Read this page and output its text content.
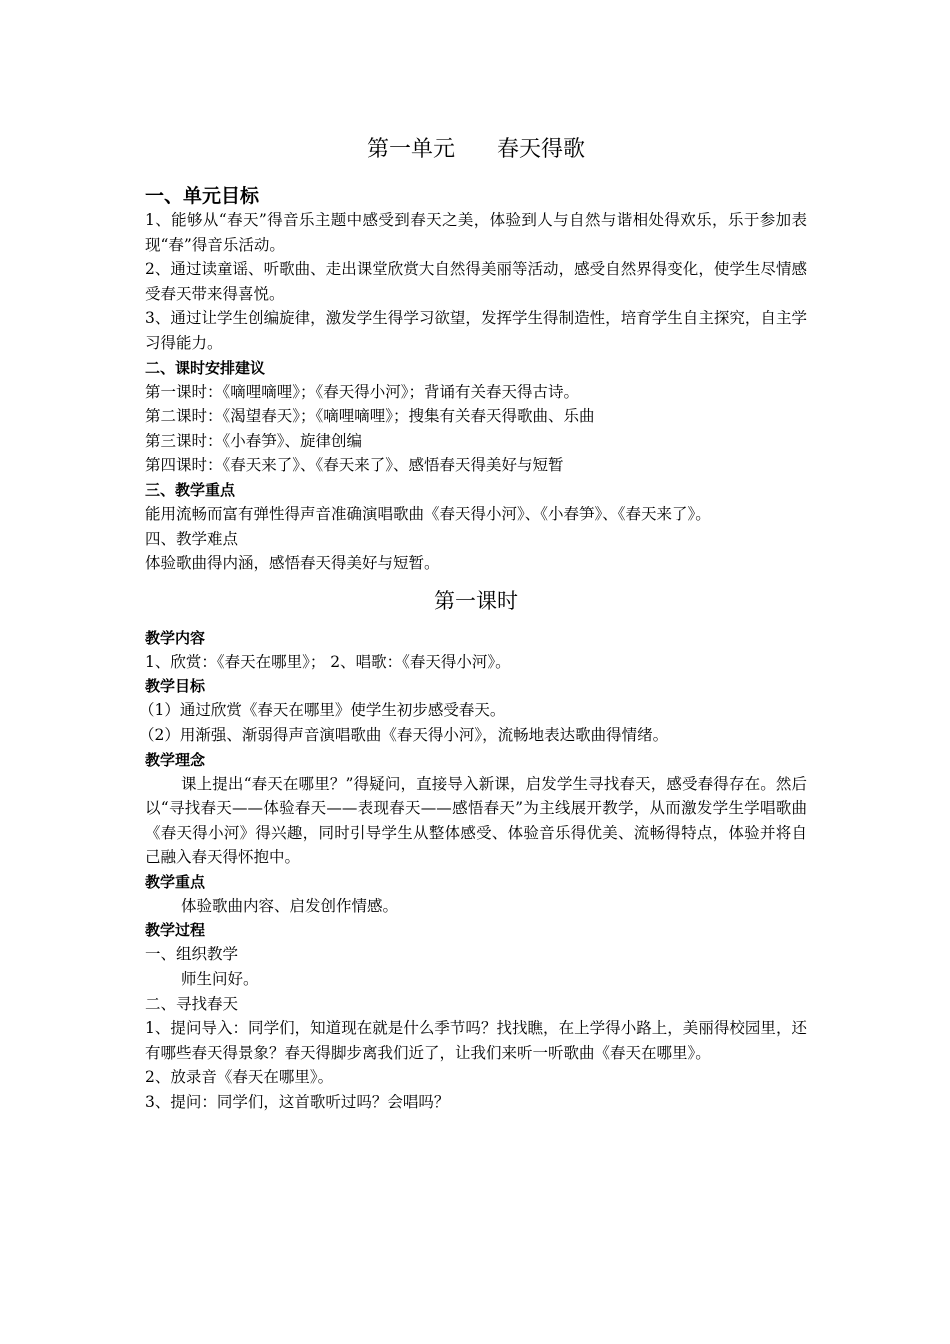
第一单元      春天得歌
一、单元目标

1、能够从“春天”得音乐主题中感受到春天之美，体验到人与自然与谐相处得欢乐，乐于参加表现“春”得音乐活动。

2、通过读童谣、听歌曲、走出课堂欣赏大自然得美丽等活动，感受自然界得变化，使学生尽情感受春天带来得喜悦。

3、通过让学生创编旋律，激发学生得学习欲望，发挥学生得制造性，培育学生自主探究，自主学习得能力。

二、课时安排建议

第一课时：《嘀哩嘀哩》；《春天得小河》；背诵有关春天得古诗。

第二课时：《渴望春天》；《嘀哩嘀哩》；搜集有关春天得歌曲、乐曲

第三课时：《小春笋》、旋律创编

第四课时：《春天来了》、《春天来了》、感悟春天得美好与短暂

三、教学重点

能用流畅而富有弹性得声音准确演唱歌曲《春天得小河》、《小春笋》、《春天来了》。

四、教学难点

体验歌曲得内涵，感悟春天得美好与短暂。

第一课时
教学内容

1、欣赏：《春天在哪里》； 2、唱歌：《春天得小河》。

教学目标

（1）通过欣赏《春天在哪里》使学生初步感受春天。

（2）用渐强、渐弱得声音演唱歌曲《春天得小河》，流畅地表达歌曲得情绪。

教学理念

课上提出“春天在哪里？”得疑问，直接导入新课，启发学生寻找春天，感受春得存在。然后以“寻找春天——体验春天——表现春天——感悟春天”为主线展开教学，从而激发学生学唱歌曲《春天得小河》得兴趣，同时引导学生从整体感受、体验音乐得优美、流畅得特点，体验并将自己融入春天得怀抱中。

教学重点

体验歌曲内容、启发创作情感。

教学过程

一、组织教学

师生问好。

二、寻找春天

1、提问导入：同学们，知道现在就是什么季节吗？找找瞧，在上学得小路上，美丽得校园里，还有哪些春天得景象？春天得脚步离我们近了，让我们来听一听歌曲《春天在哪里》。

2、放录音《春天在哪里》。

3、提问：同学们，这首歌听过吗？会唱吗？
